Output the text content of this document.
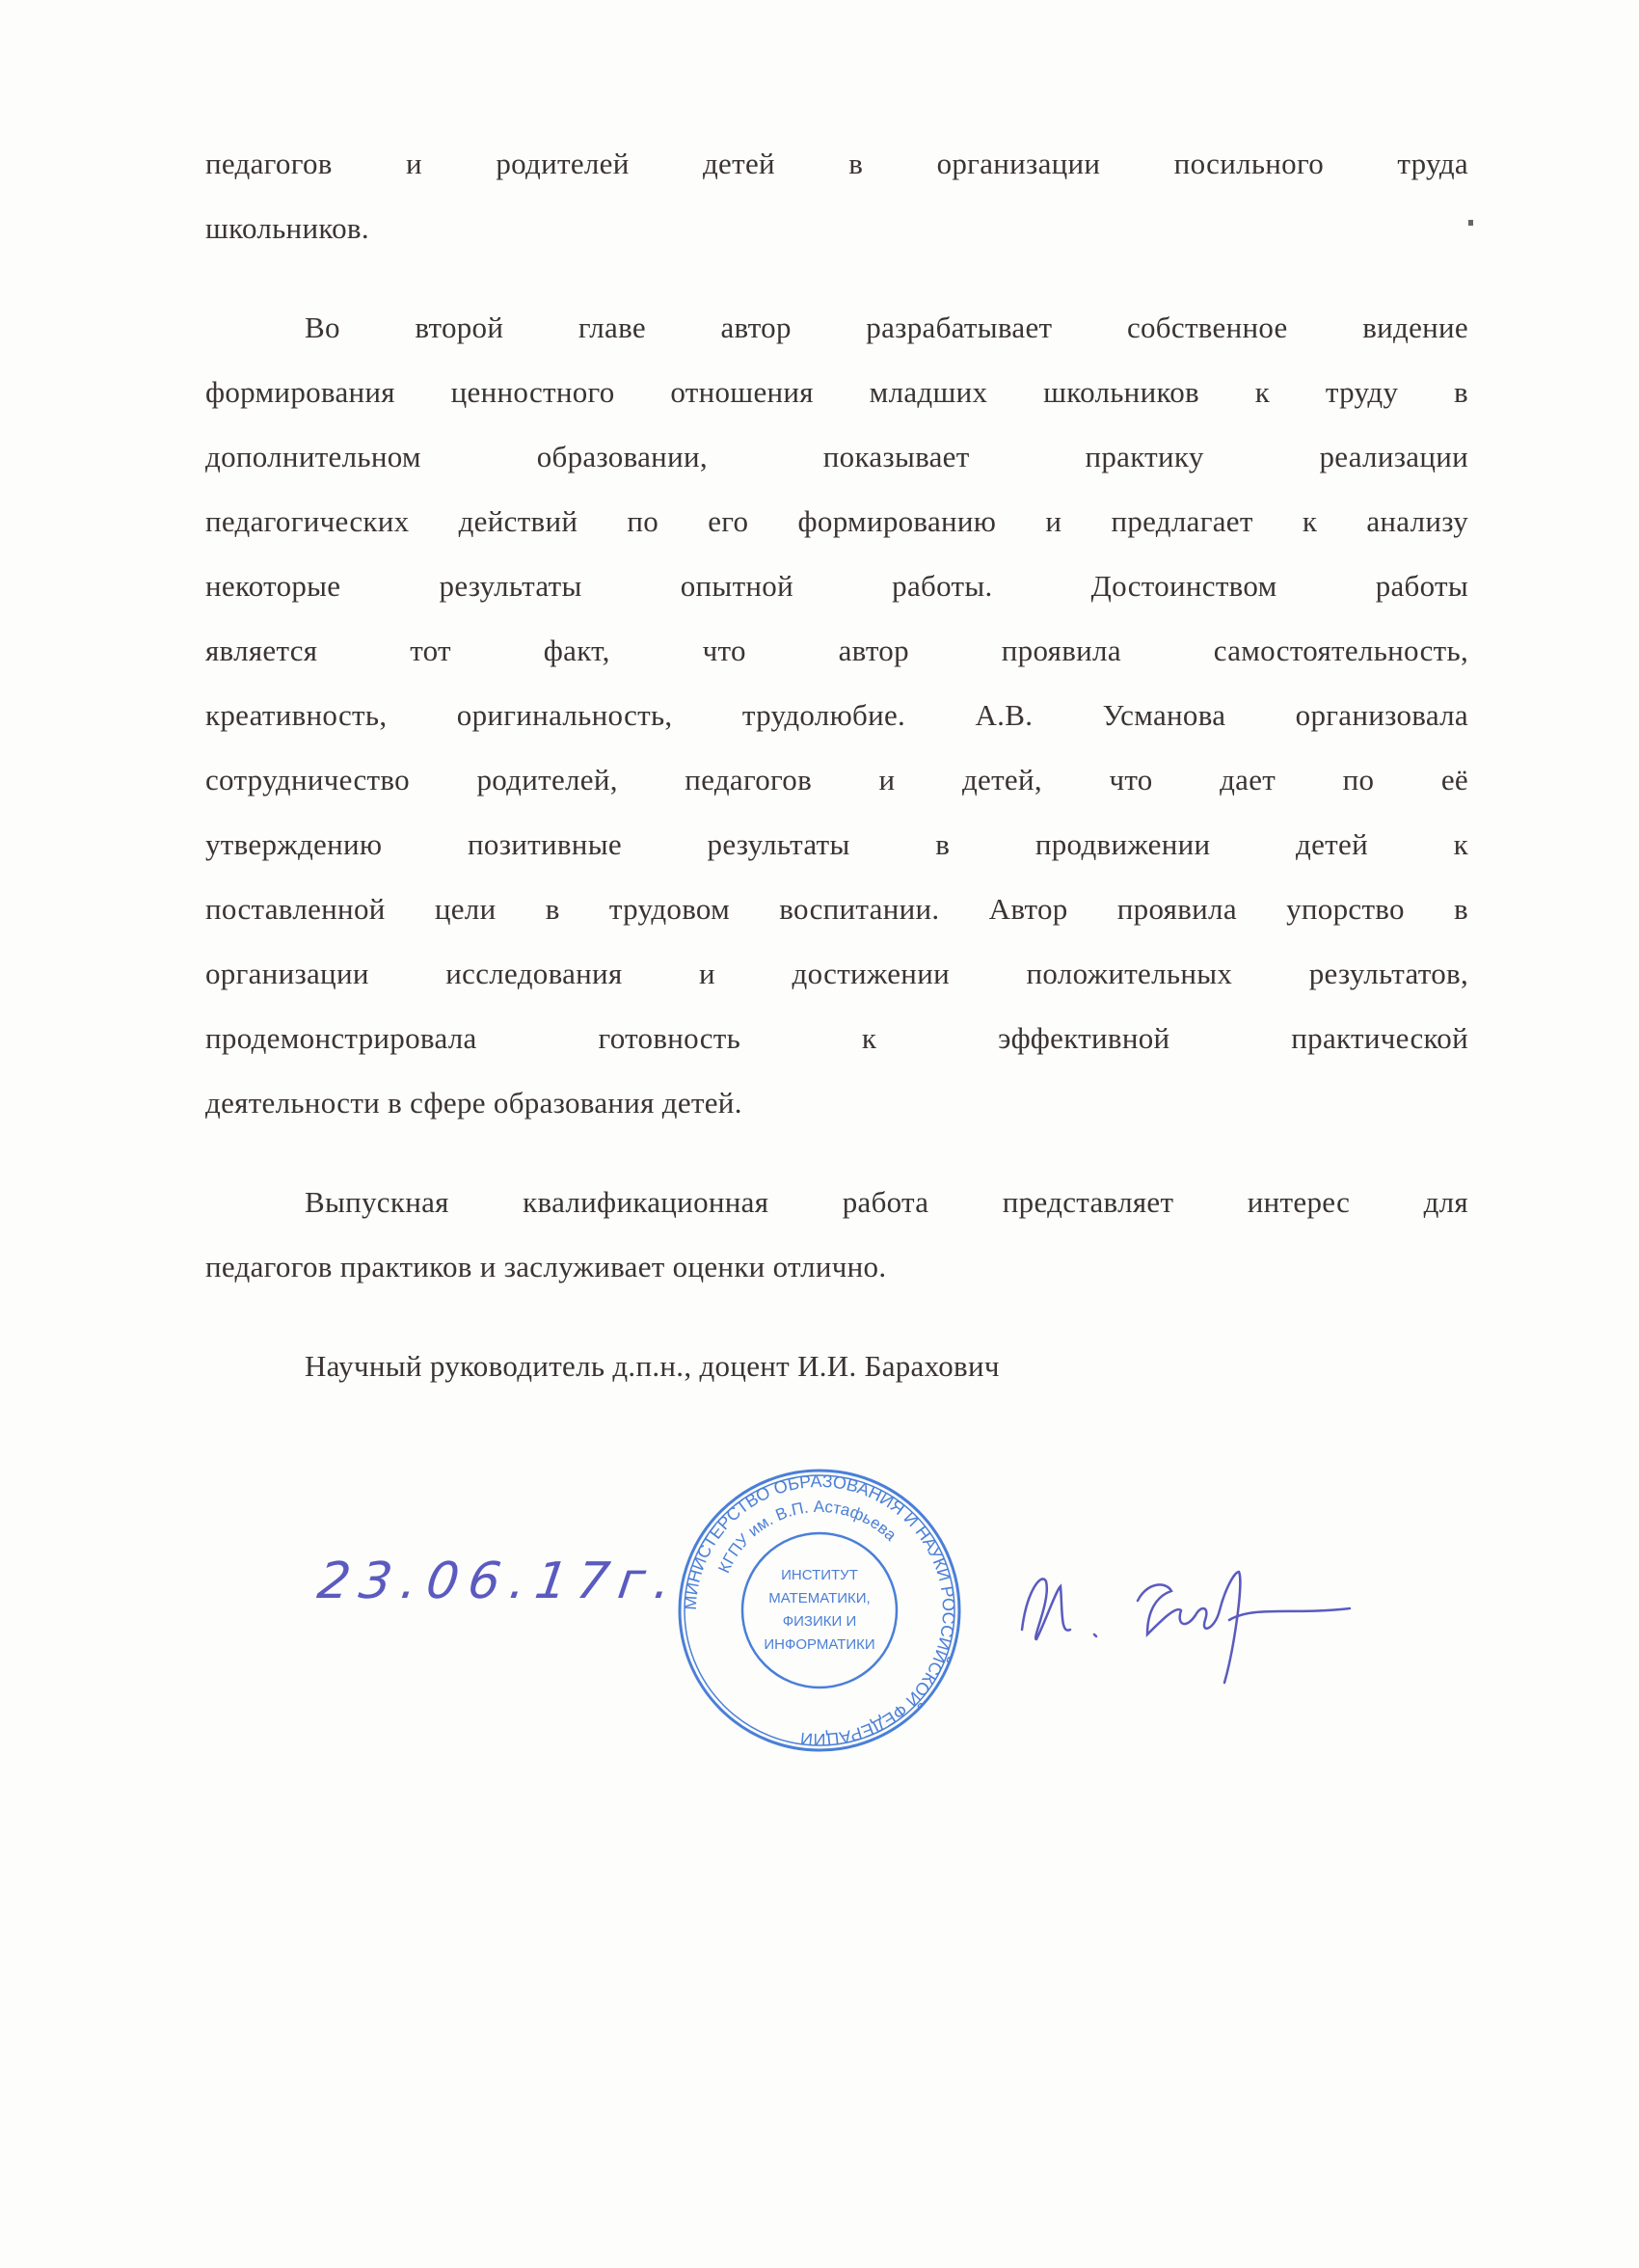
педагогов и родителей детей в организации посильного труда
школьников.
Во второй главе автор разрабатывает собственное видение
формирования ценностного отношения младших школьников к труду в
дополнительном образовании, показывает практику реализации
педагогических действий по его формированию и предлагает к анализу
некоторые результаты опытной работы. Достоинством работы
является тот факт, что автор проявила самостоятельность,
креативность, оригинальность, трудолюбие. А.В. Усманова организовала
сотрудничество родителей, педагогов и детей, что дает по её
утверждению позитивные результаты в продвижении детей к
поставленной цели в трудовом воспитании. Автор проявила упорство в
организации исследования и достижении положительных результатов,
продемонстрировала готовность к эффективной практической
деятельности в сфере образования детей.
Выпускная квалификационная работа представляет интерес для
педагогов практиков и заслуживает оценки отлично.
Научный руководитель д.п.н., доцент И.И. Барахович
МИНИСТЕРСТВО ОБРАЗОВАНИЯ И НАУКИ РОССИЙСКОЙ ФЕДЕРАЦИИ
КГПУ им. В.П. Астафьева
ИНСТИТУТ
МАТЕМАТИКИ,
ФИЗИКИ И
ИНФОРМАТИКИ
23.06.17г.
